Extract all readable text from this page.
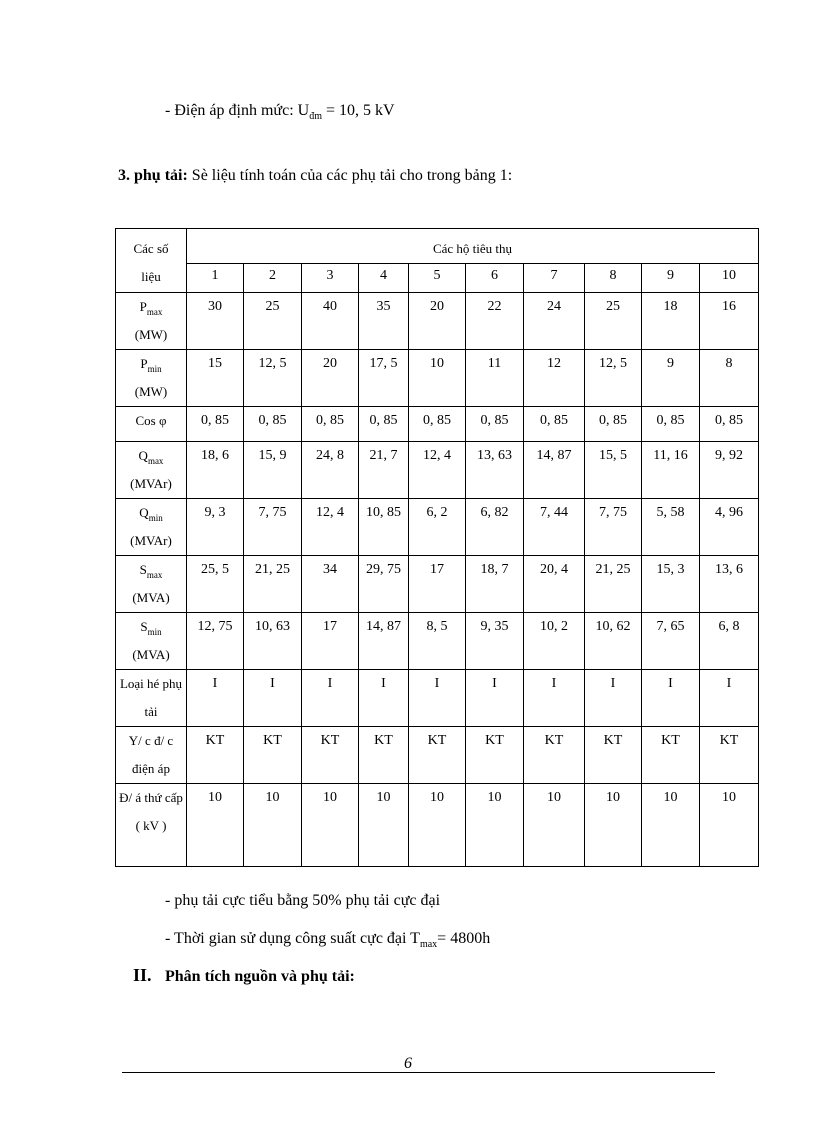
- Điện áp định mức: $U_{đm} = 10$, 5 kV
3. phụ tải: Sè liệu tính toán của các phụ tải cho trong bảng 1:
Các số
liệu	Các hộ tiêu thụ									
	1	2	3	4	5	6	7	8	9	10
$P_{max}$
(MW)	30	25	40	35	20	22	24	25	18	16
$P_{min}$
(MW)	15	12, 5	20	17, 5	10	11	12	12, 5	9	8
Cos φ	0, 85	0, 85	0, 85	0, 85	0, 85	0, 85	0, 85	0, 85	0, 85	0, 85
$Q_{max}$
(MVAr)	18, 6	15, 9	24, 8	21, 7	12, 4	13, 63	14, 87	15, 5	11, 16	9, 92
$Q_{min}$
(MVAr)	9, 3	7, 75	12, 4	10, 85	6, 2	6, 82	7, 44	7, 75	5, 58	4, 96
$S_{max}$
(MVA)	25, 5	21, 25	34	29, 75	17	18, 7	20, 4	21, 25	15, 3	13, 6
$S_{min}$
(MVA)	12, 75	10, 63	17	14, 87	8, 5	9, 35	10, 2	10, 62	7, 65	6, 8
Loại hé phụ tải	I	I	I	I	I	I	I	I	I	I
Y/ c đ/ c điện áp	KT	KT	KT	KT	KT	KT	KT	KT	KT	KT
Đ/ á thứ cấp ( kV )	10	10	10	10	10	10	10	10	10	10
- phụ tải cực tiểu bằng 50% phụ tải cực đại
- Thời gian sử dụng công suất cực đại $T_{max}= 4800h$
II. Phân tích nguồn và phụ tải:
6
